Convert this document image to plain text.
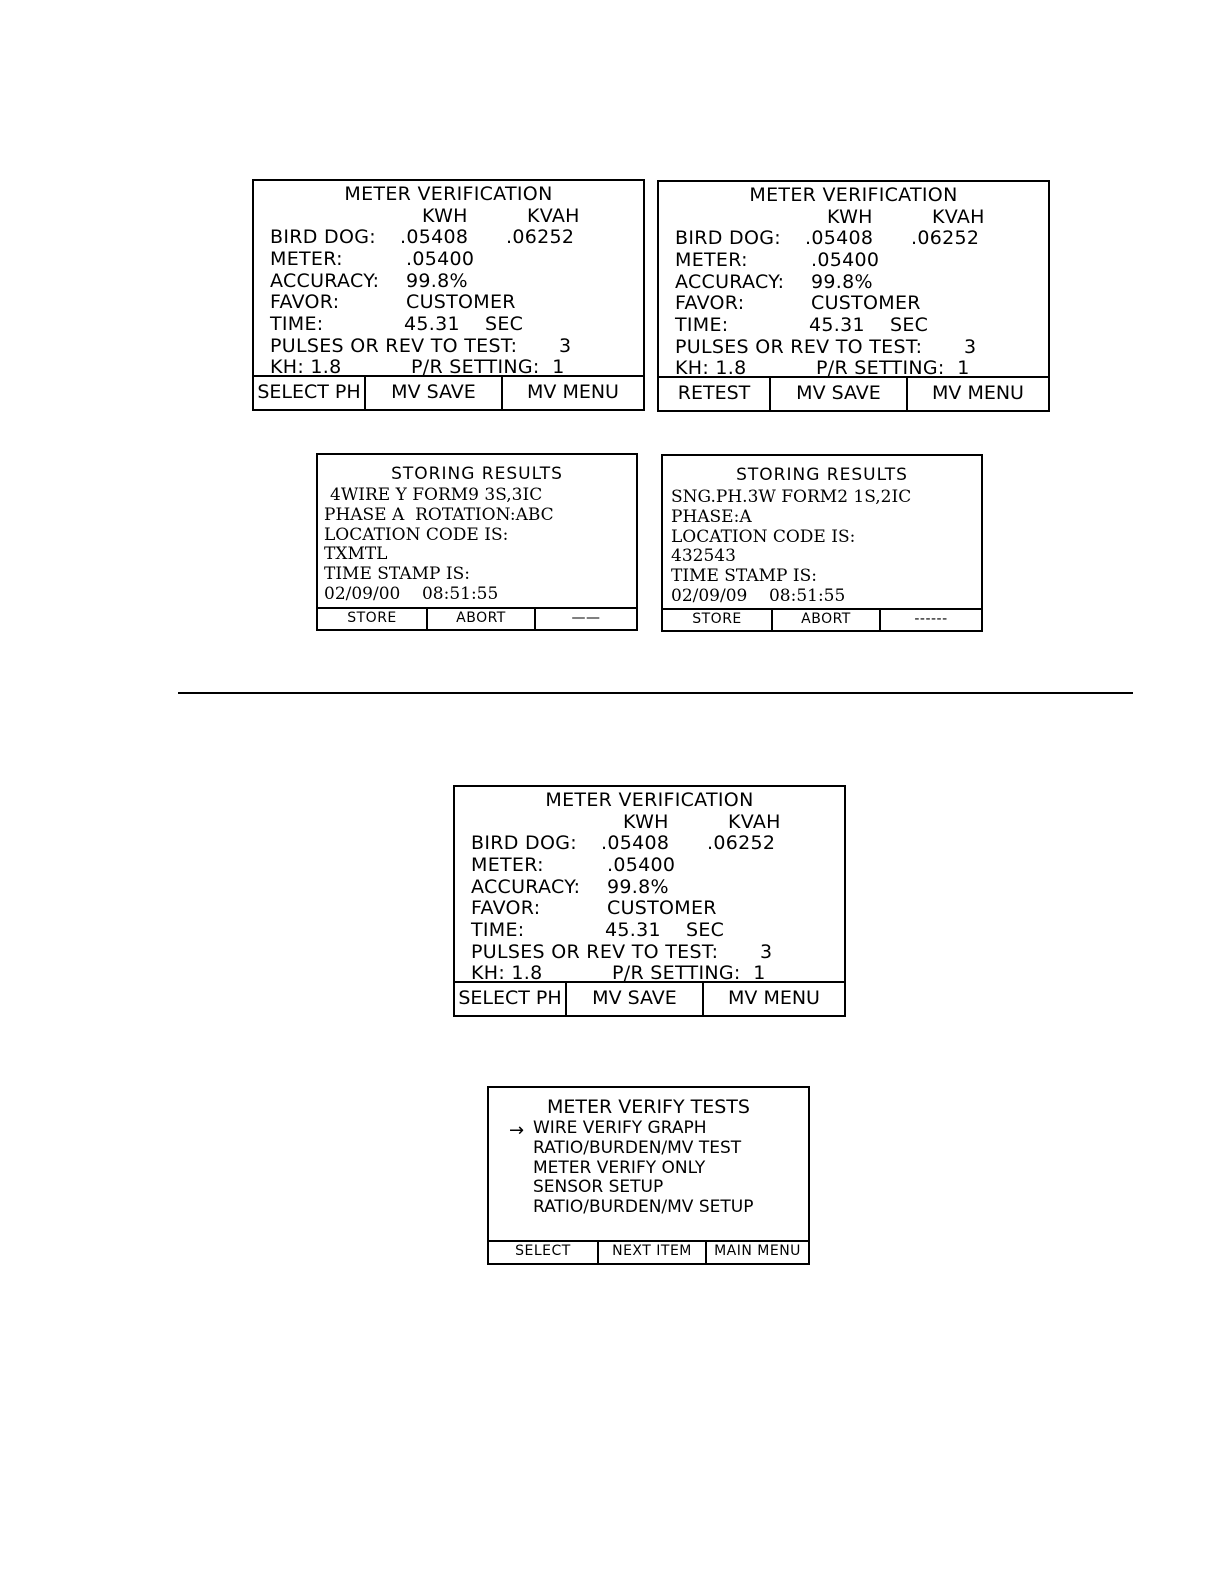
METER VERIFICATION
KWH	KVAH
BIRD DOG: .05408 .06252
METER:	.05400
ACCURACY: 99.8%
FAVOR:	CUSTOMER
TIME:	45.31 SEC
PULSES OR REV TO TEST: 3
KH: 1.8	P/R SETTING:  1
SELECT PH	MV SAVE	MV MENU
METER VERIFICATION
KWH	KVAH
BIRD DOG: .05408 .06252
METER:	.05400
ACCURACY: 99.8%
FAVOR:	CUSTOMER
TIME:	45.31 SEC
PULSES OR REV TO TEST: 3
KH: 1.8	P/R SETTING:  1
RETEST	MV SAVE	MV MENU
STORING RESULTS
4WIRE Y FORM9 3S,3IC
PHASE A  ROTATION:ABC
LOCATION CODE IS:
TXMTL
TIME STAMP IS:
02/09/00    08:51:55
STORE	ABORT	——
STORING RESULTS
SNG.PH.3W FORM2 1S,2IC
PHASE:A
LOCATION CODE IS:
432543
TIME STAMP IS:
02/09/09    08:51:55
STORE	ABORT	------
METER VERIFICATION
KWH	KVAH
BIRD DOG: .05408 .06252
METER:	.05400
ACCURACY: 99.8%
FAVOR:	CUSTOMER
TIME:	45.31 SEC
PULSES OR REV TO TEST: 3
KH: 1.8	P/R SETTING:  1
SELECT PH	MV SAVE	MV MENU
METER VERIFY TESTS
→ WIRE VERIFY GRAPH
RATIO/BURDEN/MV TEST
METER VERIFY ONLY
SENSOR SETUP
RATIO/BURDEN/MV SETUP
SELECT	NEXT ITEM	MAIN MENU
